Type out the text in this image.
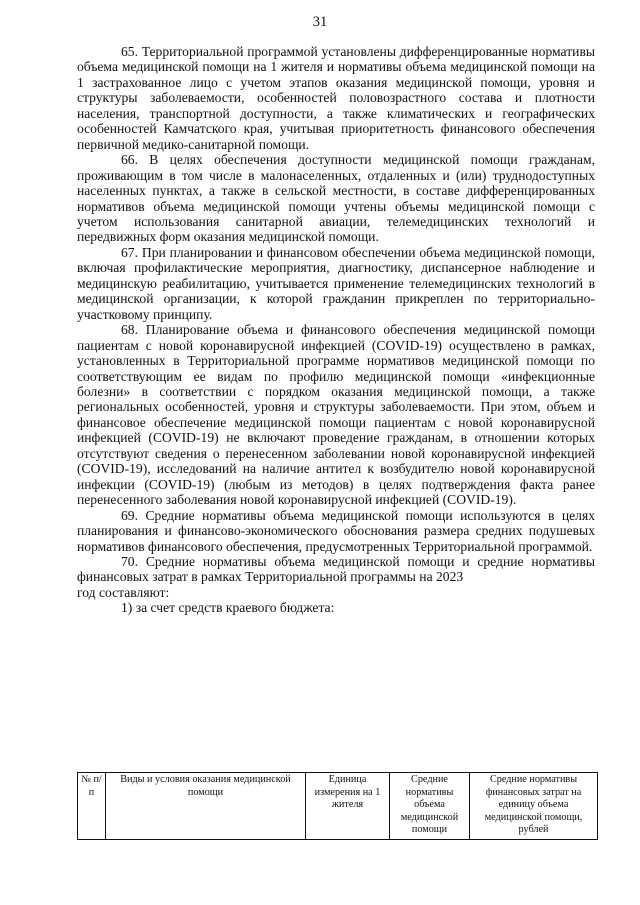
31

65. Территориальной программой установлены дифференцированные нормативы объема медицинской помощи на 1 жителя и нормативы объема медицинской помощи на 1 застрахованное лицо с учетом этапов оказания медицинской помощи, уровня и структуры заболеваемости, особенностей половозрастного состава и плотности населения, транспортной доступности, а также климатических и географических особенностей Камчатского края, учитывая приоритетность финансового обеспечения первичной медико-санитарной помощи.

66. В целях обеспечения доступности медицинской помощи гражданам, проживающим в том числе в малонаселенных, отдаленных и (или) труднодоступных населенных пунктах, а также в сельской местности, в составе дифференцированных нормативов объема медицинской помощи учтены объемы медицинской помощи с учетом использования санитарной авиации, телемедицинских технологий и передвижных форм оказания медицинской помощи.

67. При планировании и финансовом обеспечении объема медицинской помощи, включая профилактические мероприятия, диагностику, диспансерное наблюдение и медицинскую реабилитацию, учитывается применение телемедицинских технологий в медицинской организации, к которой гражданин прикреплен по территориально-участковому принципу.

68. Планирование объема и финансового обеспечения медицинской помощи пациентам с новой коронавирусной инфекцией (COVID-19) осуществлено в рамках, установленных в Территориальной программе нормативов медицинской помощи по соответствующим ее видам по профилю медицинской помощи «инфекционные болезни» в соответствии с порядком оказания медицинской помощи, а также региональных особенностей, уровня и структуры заболеваемости. При этом, объем и финансовое обеспечение медицинской помощи пациентам с новой коронавирусной инфекцией (COVID-19) не включают проведение гражданам, в отношении которых отсутствуют сведения о перенесенном заболевании новой коронавирусной инфекцией (COVID-19), исследований на наличие антител к возбудителю новой коронавирусной инфекции (COVID-19) (любым из методов) в целях подтверждения факта ранее перенесенного заболевания новой коронавирусной инфекцией (COVID-19).

69. Средние нормативы объема медицинской помощи используются в целях планирования и финансово-экономического обоснования размера средних подушевых нормативов финансового обеспечения, предусмотренных Территориальной программой.

70. Средние нормативы объема медицинской помощи и средние нормативы финансовых затрат в рамках Территориальной программы на 2023

год составляют:

1) за счет средств краевого бюджета:

№ п/п	Виды и условия оказания медицинской помощи	Единица измерения на 1 жителя	Средние нормативы объема медицинской помощи	Средние нормативы финансовых затрат на единицу объема медицинской помощи, рублей
